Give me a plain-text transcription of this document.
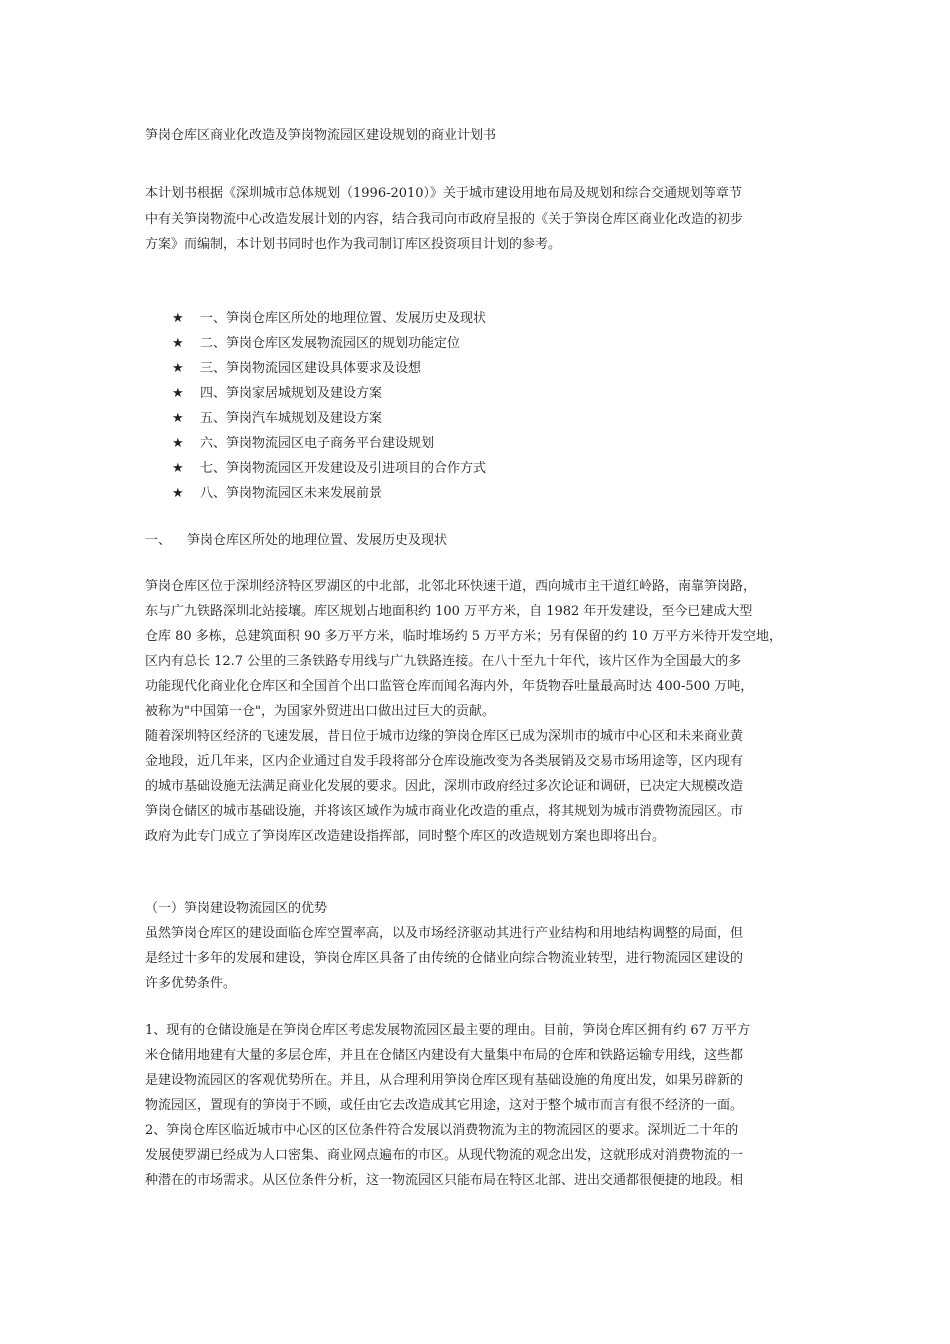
笋岗仓库区商业化改造及笋岗物流园区建设规划的商业计划书
本计划书根据《深圳城市总体规划（1996-2010）》关于城市建设用地布局及规划和综合交通规划等章节
中有关笋岗物流中心改造发展计划的内容，结合我司向市政府呈报的《关于笋岗仓库区商业化改造的初步
方案》而编制，本计划书同时也作为我司制订库区投资项目计划的参考。
★ 一、笋岗仓库区所处的地理位置、发展历史及现状
★ 二、笋岗仓库区发展物流园区的规划功能定位
★ 三、笋岗物流园区建设具体要求及设想
★ 四、笋岗家居城规划及建设方案
★ 五、笋岗汽车城规划及建设方案
★ 六、笋岗物流园区电子商务平台建设规划
★ 七、笋岗物流园区开发建设及引进项目的合作方式
★ 八、笋岗物流园区未来发展前景
一、 笋岗仓库区所处的地理位置、发展历史及现状
笋岗仓库区位于深圳经济特区罗湖区的中北部，北邻北环快速干道，西向城市主干道红岭路，南靠笋岗路，
东与广九铁路深圳北站接壤。库区规划占地面积约 100 万平方米，自 1982 年开发建设，至今已建成大型
仓库 80 多栋，总建筑面积 90 多万平方米，临时堆场约 5 万平方米；另有保留的约 10 万平方米待开发空地，
区内有总长 12.7 公里的三条铁路专用线与广九铁路连接。在八十至九十年代，该片区作为全国最大的多
功能现代化商业化仓库区和全国首个出口监管仓库而闻名海内外，年货物吞吐量最高时达 400-500 万吨，
被称为"中国第一仓"，为国家外贸进出口做出过巨大的贡献。
随着深圳特区经济的飞速发展，昔日位于城市边缘的笋岗仓库区已成为深圳市的城市中心区和未来商业黄
金地段，近几年来，区内企业通过自发手段将部分仓库设施改变为各类展销及交易市场用途等，区内现有
的城市基础设施无法满足商业化发展的要求。因此，深圳市政府经过多次论证和调研，已决定大规模改造
笋岗仓储区的城市基础设施，并将该区域作为城市商业化改造的重点，将其规划为城市消费物流园区。市
政府为此专门成立了笋岗库区改造建设指挥部，同时整个库区的改造规划方案也即将出台。
（一）笋岗建设物流园区的优势
虽然笋岗仓库区的建设面临仓库空置率高，以及市场经济驱动其进行产业结构和用地结构调整的局面，但
是经过十多年的发展和建设，笋岗仓库区具备了由传统的仓储业向综合物流业转型，进行物流园区建设的
许多优势条件。
1、现有的仓储设施是在笋岗仓库区考虑发展物流园区最主要的理由。目前，笋岗仓库区拥有约 67 万平方
米仓储用地建有大量的多层仓库，并且在仓储区内建设有大量集中布局的仓库和铁路运输专用线，这些都
是建设物流园区的客观优势所在。并且，从合理利用笋岗仓库区现有基础设施的角度出发，如果另辟新的
物流园区，置现有的笋岗于不顾，或任由它去改造成其它用途，这对于整个城市而言有很不经济的一面。
2、笋岗仓库区临近城市中心区的区位条件符合发展以消费物流为主的物流园区的要求。深圳近二十年的
发展使罗湖已经成为人口密集、商业网点遍布的市区。从现代物流的观念出发，这就形成对消费物流的一
种潜在的市场需求。从区位条件分析，这一物流园区只能布局在特区北部、进出交通都很便捷的地段。相
